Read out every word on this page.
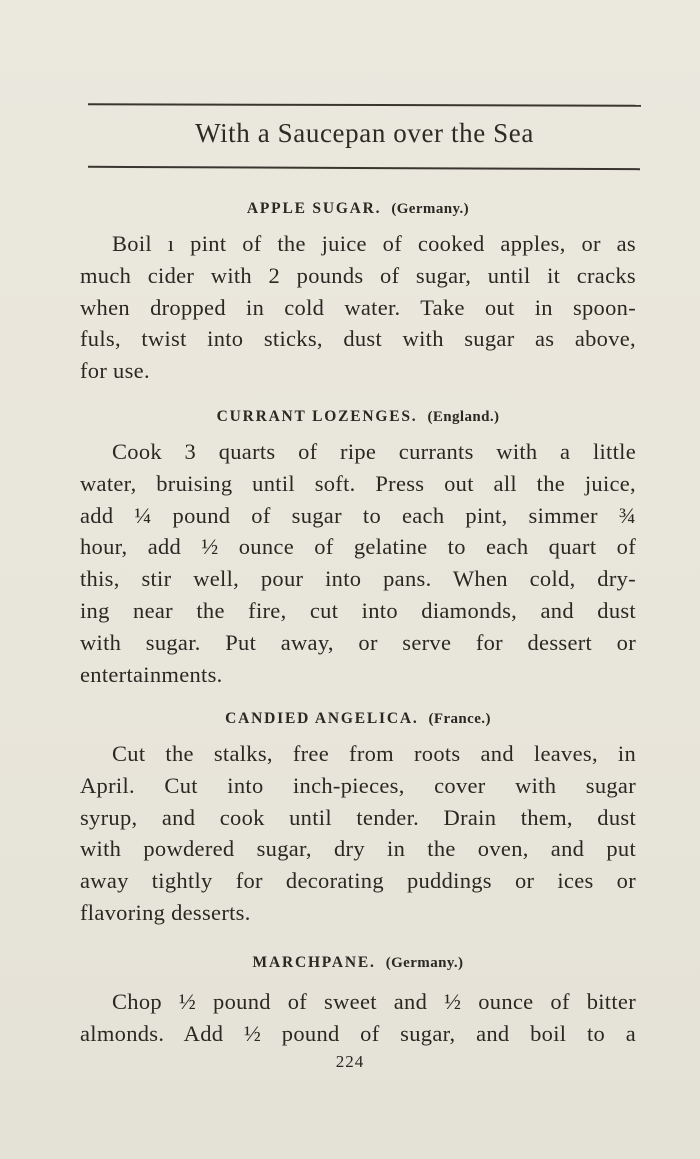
With a Saucepan over the Sea
APPLE SUGAR. (Germany.)
Boil ı pint of the juice of cooked apples, or as
much cider with 2 pounds of sugar, until it cracks
when dropped in cold water. Take out in spoon-
fuls, twist into sticks, dust with sugar as above,
for use.
CURRANT LOZENGES. (England.)
Cook 3 quarts of ripe currants with a little
water, bruising until soft. Press out all the juice,
add ¼ pound of sugar to each pint, simmer ¾
hour, add ½ ounce of gelatine to each quart of
this, stir well, pour into pans. When cold, dry-
ing near the fire, cut into diamonds, and dust
with sugar. Put away, or serve for dessert or
entertainments.
CANDIED ANGELICA. (France.)
Cut the stalks, free from roots and leaves, in
April. Cut into inch-pieces, cover with sugar
syrup, and cook until tender. Drain them, dust
with powdered sugar, dry in the oven, and put
away tightly for decorating puddings or ices or
flavoring desserts.
MARCHPANE. (Germany.)
Chop ½ pound of sweet and ½ ounce of bitter
almonds. Add ½ pound of sugar, and boil to a
224
